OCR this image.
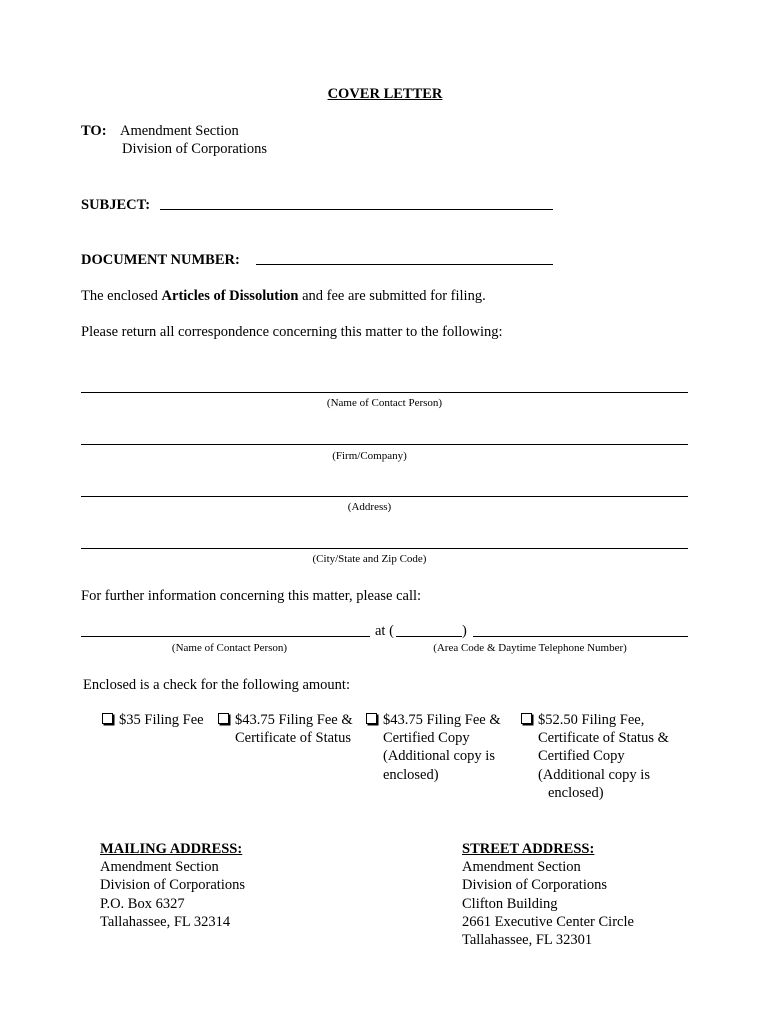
COVER LETTER
TO: Amendment Section
Division of Corporations
SUBJECT:
DOCUMENT NUMBER:
The enclosed Articles of Dissolution and fee are submitted for filing.
Please return all correspondence concerning this matter to the following:
(Name of Contact Person)
(Firm/Company)
(Address)
(City/State and Zip Code)
For further information concerning this matter, please call:
at (	)
(Name of Contact Person)	(Area Code & Daytime Telephone Number)
Enclosed is a check for the following amount:
$35 Filing Fee	$43.75 Filing Fee &
Certificate of Status
$43.75 Filing Fee &
Certified Copy
(Additional copy is
enclosed)
$52.50 Filing Fee,
Certificate of Status &
Certified Copy
(Additional copy is
enclosed)
MAILING ADDRESS:
Amendment Section
Division of Corporations
P.O. Box 6327
Tallahassee, FL 32314
STREET ADDRESS:
Amendment Section
Division of Corporations
Clifton Building
2661 Executive Center Circle
Tallahassee, FL 32301
